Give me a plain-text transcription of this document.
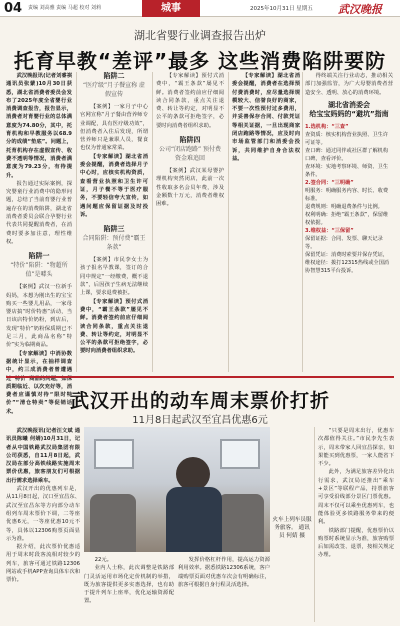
04 责编 刘高雅 责编 马超 校对 刘莉	城事	2025年10月31日 星期五 武汉晚报
湖北省婴行业调查报告出炉
托育早教“差评”最多 这些消费陷阱要防

武汉晚报讯(记者刘睿祺 通讯员张蒙)10月30日获悉，湖北省消费者委员会发布了2025年度全省婴行业消费调查报告，报告显示，消费者对育婴行业的总体满意度为74.80分，其中，托育机构和早教服务以68.9分的成绩“垫底”。问题上，托育机构存在虚假宣传、收费不透明等情况，消费者满意度为79.23分，有待提升。

报告通过实际案例，探究婴童行业消费中的隐形问题，总结了当前育婴行业普遍存在的消费陷阱，湖北省消费者委员会联合孕婴行业代表共同提醒消费者，在消费时要多加注意，理性维权。

陷阱一
“特价”陷阱：“物超所值”是噱头

【案例】武汉一位新手妈妈，本想为刚出生的宝宝购买一些婴儿用品，一家母婴店搞“时价特惠”活动，当日该店特价奶粉，到店后，发现“特价”奶粉保质期已不足三月，此商品名称“特价”实为临期商品。

【专家解读】中消协数据统计显示，在抽样调查中，约三成消费者曾遭遇过“特价”商品的问题，如保质期临近、以次充好等，消费者应谨慎对待“限时特价”“清仓特卖”等促销话术。

陷阱二
“医疗级”月子餐宣称 虚假宣传

【案例】一家月子中心官网宣称“月子餐由营养师专业调配，具有医疗级功效”，但消费者入住后发现，所谓营养师只是兼职人员，餐食也仅为普通家常菜。

【专家解读】湖北省消委会提醒，消费者选择月子中心时，应核实机构资质，查看营业执照和卫生许可证，月子餐不等于医疗服务，不要轻信夸大宣传，如遇问题应保留证据及时投诉。

陷阱三
合同陷阱：预付费“霸王条款”

【案例】市民李女士为孩子报名早教课，签订的合同中规定“一经缴费，概不退款”，后因孩子生病无法继续上课，要求退费被拒。

【专家解读】预付式消费中，“霸王条款”屡见不鲜。消费者签约前应仔细阅读合同条款，重点关注退费、转让等约定，对明显不公平的条款可拒绝签字，必要时向消费者组织求助。

【专家解读】预付式消费中，“霸王条款”屡见不鲜。消费者签约前应仔细阅读合同条款，重点关注退费、转让等约定，对明显不公平的条款可拒绝签字，必要时向消费者组织求助。

陷阱四
公司“闭店跑路” 预付费资金难追回

【案例】武汉某母婴护理机构突然闭店，此前一次性收取多名会员年费，涉及金额数十万元，消费者维权困难。

【专家解读】湖北省消委会提醒，消费者在选择预付费消费时，应尽量选择规模较大、信誉良好的商家，不要一次性预付过多费用，并妥善保存合同、付款凭证等相关证据，一旦出现商家闭店跑路等情况，应及时向市场监管部门和消委会投诉，共同维护自身合法权益。

得终端关注行业动态，推动相关部门加强监管，为广大母婴消费者营造安全、透明、放心的消费环境。

湖北省消委会
给宝宝妈妈的“避坑”指南
1.选机构：“三查”
查资质：核实机构营业执照、卫生许可证等。
查口碑：通过同伴或社区群了解机构口碑，查看评价。
查环境：实地考察环境、师资、卫生条件。
2.签合同：“三明确”
明服务：明确服务内容、时长、收费标准。
退费规则：明确退费条件与比例。
权利明确：拒绝“霸王条款”，保留维权依据。
3.维权益：“三保留”
保留证据：合同、发票、聊天记录等。
保留凭证：消费时索要并保存凭证，维权途径：拨打12315热线或全国消协智慧315平台投诉。
武汉开出的动车周末票价打折
11月8日起武汉至宜昌优惠6元

武汉晚报讯(记者汪文斌 通讯员陈曦 何婧)10月31日，记者从中国铁路武汉局集团有限公司获悉，自11月8日起，武汉局在部分高铁线路实施周末票价优惠，旅客朋友们可根据出行需求选择乘车。

武汉开出的优惠列车是，从11月8日起，汉口至宜昌东、武汉至宜昌东等方向部分动车组列车周末票价下调，二等座优惠6元，一等座优惠10元不等，具体以12306购票页面显示为准。

据介绍，此次票价优惠适用于周末时段客流相对较少的列车，旅客可通过铁路12306网站或手机APP查询具体车次和票价。

火车上列车员服务旅客。 通讯员 何婧 摄

22元。

业内人士称，此次调整是铁路部门灵活运用市场化定价机制的举措，既为旅客提供更多实惠选择，也有助于提升列车上座率，优化运输资源配置。

发挥价格杠杆作用，提高运力资源利用效率。据悉铁路12306系统，客户端购票页面对优惠车次会有明确标注，旅客可根据自身行程灵活选择。

“只要是周末出行，优惠车次都值得关注。”市民李先生表示，周末带家人回宜昌探亲，如果能买到优惠票，一家人能省下不少。

此外，为满足旅客差异化出行需求，武汉局还推出“乘车+景区”等联程产品，持票旅客可享受沿线部分景区门票优惠。周末不仅可以乘坐优惠列车，也能体验更多铁路服务带来的便利。

铁路部门提醒，优惠票价以购票时系统显示为准，旅客购票后如需改签、退票，按相关规定办理。
